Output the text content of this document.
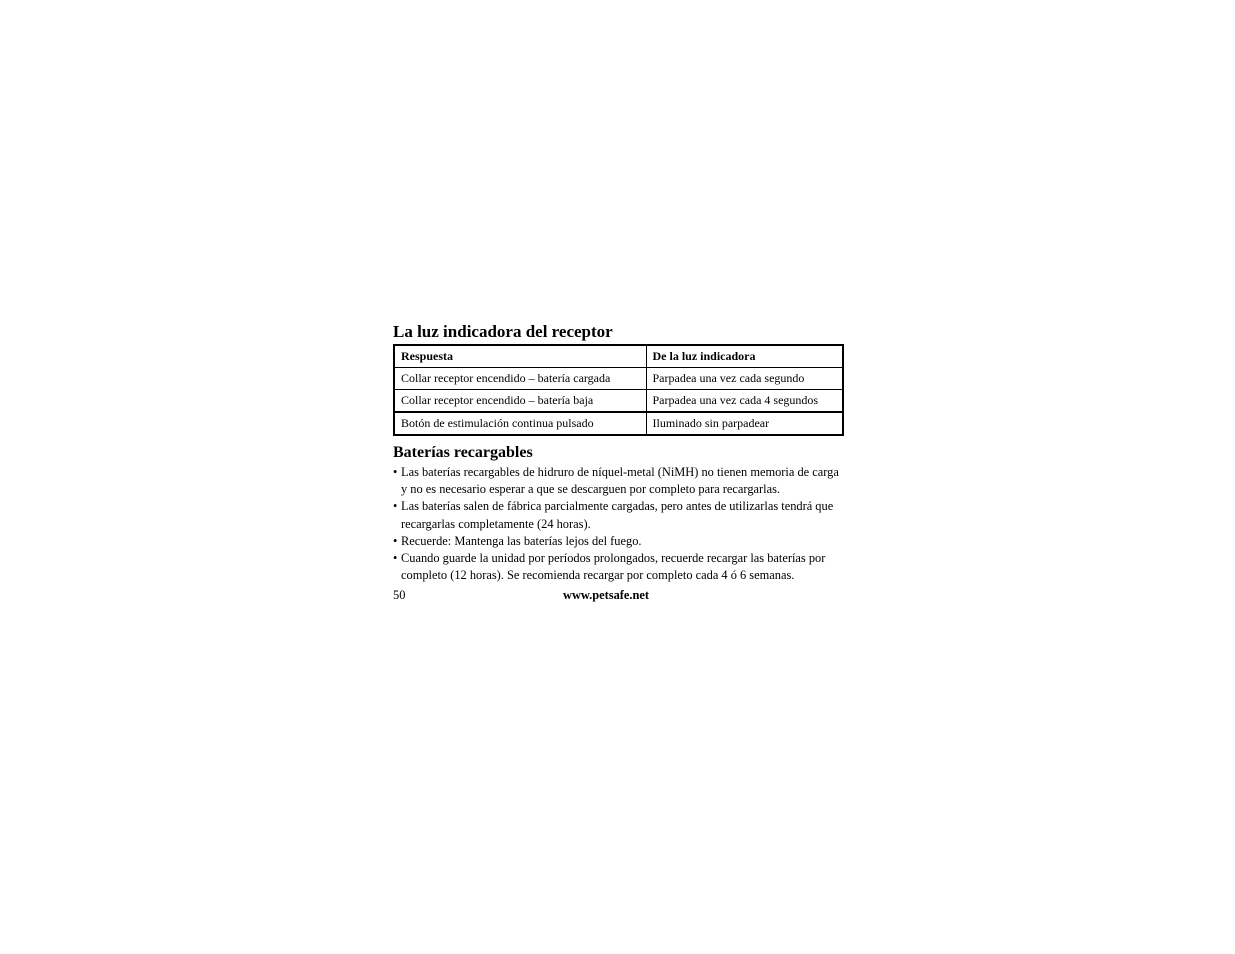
La luz indicadora del receptor
Respuesta	De la luz indicadora
Collar receptor encendido – batería cargada	Parpadea una vez cada segundo
Collar receptor encendido – batería baja	Parpadea una vez cada 4 segundos
Botón de estimulación continua pulsado	Iluminado sin parpadear
Baterías recargables
• Las baterías recargables de hidruro de níquel-metal (NiMH) no tienen memoria de carga y no es necesario esperar a que se descarguen por completo para recargarlas.
• Las baterías salen de fábrica parcialmente cargadas, pero antes de utilizarlas tendrá que recargarlas completamente (24 horas).
• Recuerde: Mantenga las baterías lejos del fuego.
• Cuando guarde la unidad por períodos prolongados, recuerde recargar las baterías por completo (12 horas). Se recomienda recargar por completo cada 4 ó 6 semanas.
50	www.petsafe.net
